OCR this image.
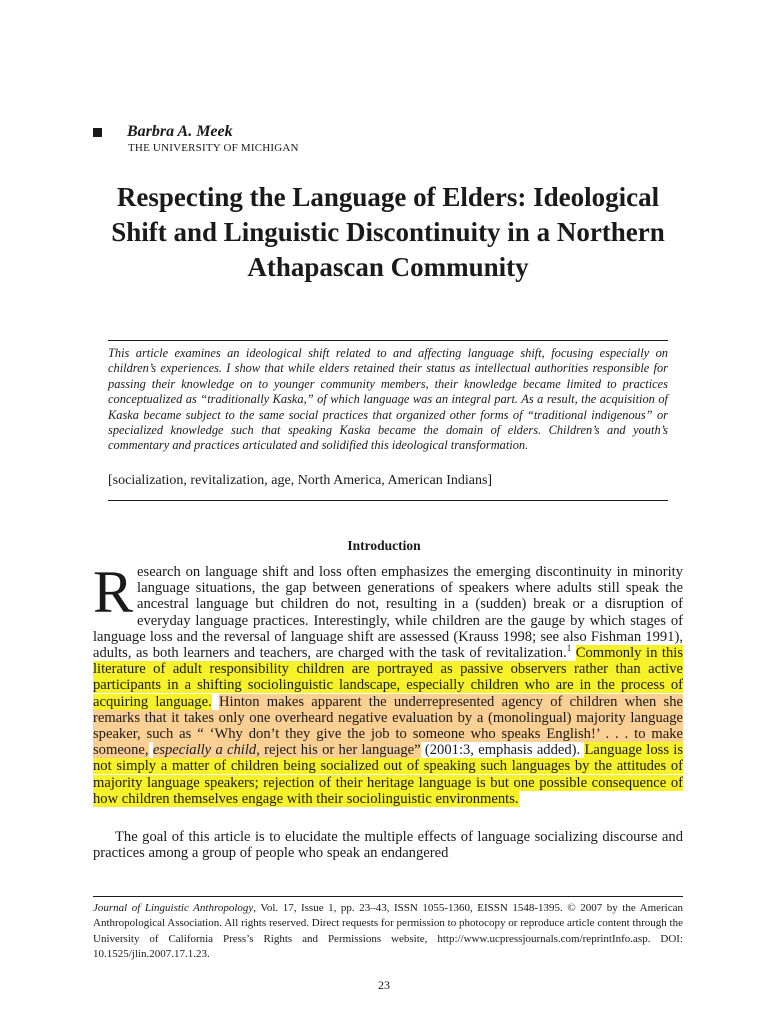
Barbra A. Meek
THE UNIVERSITY OF MICHIGAN
Respecting the Language of Elders: Ideological Shift and Linguistic Discontinuity in a Northern Athapascan Community

This article examines an ideological shift related to and affecting language shift, focusing especially on children’s experiences. I show that while elders retained their status as intellectual authorities responsible for passing their knowledge on to younger community members, their knowledge became limited to practices conceptualized as “traditionally Kaska,” of which language was an integral part. As a result, the acquisition of Kaska became subject to the same social practices that organized other forms of “traditional indigenous” or specialized knowledge such that speaking Kaska became the domain of elders. Children’s and youth’s commentary and practices articulated and solidified this ideological transformation.

[socialization, revitalization, age, North America, American Indians]

Introduction

Research on language shift and loss often emphasizes the emerging discontinuity in minority language situations, the gap between generations of speakers where adults still speak the ancestral language but children do not, resulting in a (sudden) break or a disruption of everyday language practices. Interestingly, while children are the gauge by which stages of language loss and the reversal of language shift are assessed (Krauss 1998; see also Fishman 1991), adults, as both learners and teachers, are charged with the task of revitalization.$^1$ Commonly in this literature of adult responsibility children are portrayed as passive observers rather than active participants in a shifting sociolinguistic landscape, especially children who are in the process of acquiring language. Hinton makes apparent the underrepresented agency of children when she remarks that it takes only one overheard negative evaluation by a (monolingual) majority language speaker, such as “ ‘Why don’t they give the job to someone who speaks English!’ . . . to make someone, especially a child, reject his or her language” (2001:3, emphasis added). Language loss is not simply a matter of children being socialized out of speaking such languages by the attitudes of majority language speakers; rejection of their heritage language is but one possible consequence of how children themselves engage with their sociolinguistic environments.

The goal of this article is to elucidate the multiple effects of language socializing discourse and practices among a group of people who speak an endangered

Journal of Linguistic Anthropology, Vol. 17, Issue 1, pp. 23–43, ISSN 1055-1360, EISSN 1548-1395. © 2007 by the American Anthropological Association. All rights reserved. Direct requests for permission to photocopy or reproduce article content through the University of California Press’s Rights and Permissions website, http://www.ucpressjournals.com/reprintInfo.asp. DOI: 10.1525/jlin.2007.17.1.23.

23
